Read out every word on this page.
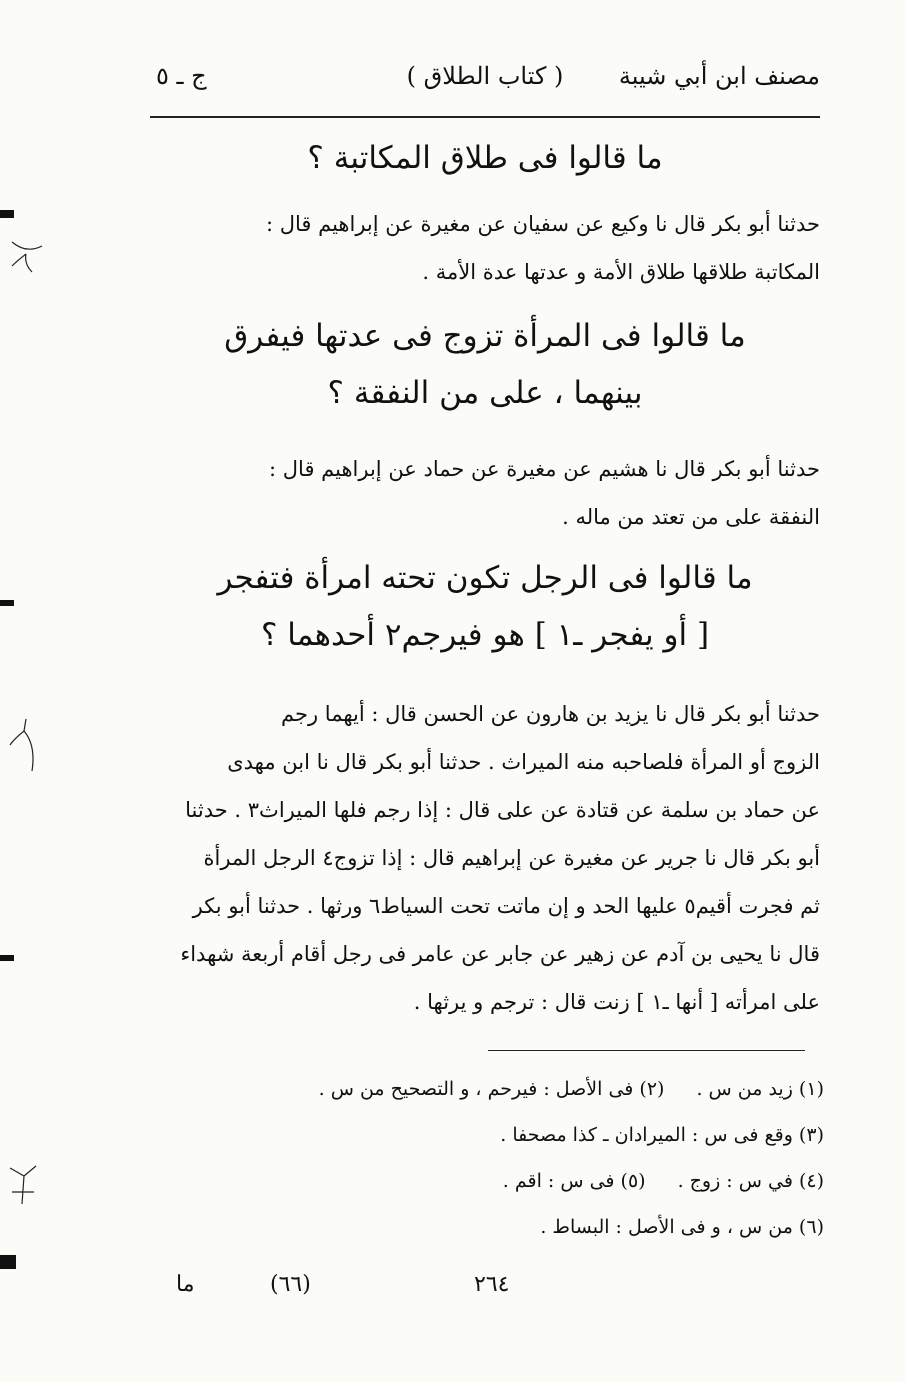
مصنف ابن أبي شيبة
( كتاب الطلاق )
ج ـ ٥
ما قالوا فى طلاق المكاتبة ؟
حدثنا أبو بكر قال نا وكيع عن سفيان عن مغيرة عن إبراهيم قال :
المكاتبة طلاقها طلاق الأمة و عدتها عدة الأمة .
ما قالوا فى المرأة تزوج فى عدتها فيفرق
بينهما ، على من النفقة ؟
حدثنا أبو بكر قال نا هشيم عن مغيرة عن حماد عن إبراهيم قال :
النفقة على من تعتد من ماله .
ما قالوا فى الرجل تكون تحته امرأة فتفجر
[ أو يفجر ـ١ ] هو فيرجم٢ أحدهما ؟
حدثنا أبو بكر قال نا يزيد بن هارون عن الحسن قال : أيهما رجم
الزوج أو المرأة فلصاحبه منه الميراث . حدثنا أبو بكر قال نا ابن مهدى
عن حماد بن سلمة عن قتادة عن على قال : إذا رجم فلها الميراث٣ . حدثنا
أبو بكر قال نا جرير عن مغيرة عن إبراهيم قال : إذا تزوج٤ الرجل المرأة
ثم فجرت أقيم٥ عليها الحد و إن ماتت تحت السياط٦ ورثها . حدثنا أبو بكر
قال نا يحيى بن آدم عن زهير عن جابر عن عامر فى رجل أقام أربعة شهداء
على امرأته [ أنها ـ١ ] زنت قال : ترجم و يرثها .
(١) زيد من س .(٢) فى الأصل : فيرحم ، و التصحيح من س .
(٣) وقع فى س : الميرادان ـ كذا مصحفا .
(٤) في س : زوج .(٥) فى س : اقم .
(٦) من س ، و فى الأصل : البساط .
٢٦٤
(٦٦)
ما
